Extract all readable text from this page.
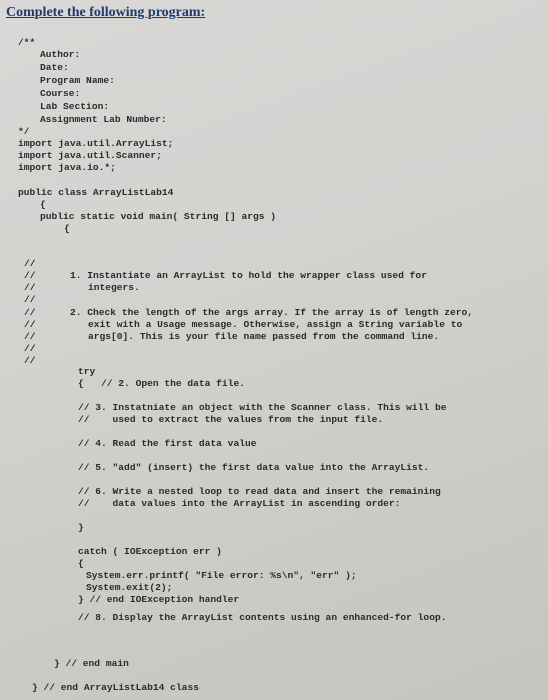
Complete the following program:
/**
Author:
Date:
Program Name:
Course:
Lab Section:
Assignment Lab Number:
*/
import java.util.ArrayList;
import java.util.Scanner;
import java.io.*;
public class ArrayListLab14
{
public static void main( String [] args )
{
//
//	1. Instantiate an ArrayList to hold the wrapper class used for
//	integers.
//
//	2. Check the length of the args array. If the array is of length zero,
//	exit with a Usage message. Otherwise, assign a String variable to
//	args[0]. This is your file name passed from the command line.
//
//
try
{   // 2. Open the data file.
// 3. Instatniate an object with the Scanner class. This will be
//    used to extract the values from the input file.
// 4. Read the first data value
// 5. "add" (insert) the first data value into the ArrayList.
// 6. Write a nested loop to read data and insert the remaining
//    data values into the ArrayList in ascending order:
}
catch ( IOException err )
{
System.err.printf( "File error: %s\n", "err" );
System.exit(2);
} // end IOException handler
// 8. Display the ArrayList contents using an enhanced-for loop.
} // end main
} // end ArrayListLab14 class
